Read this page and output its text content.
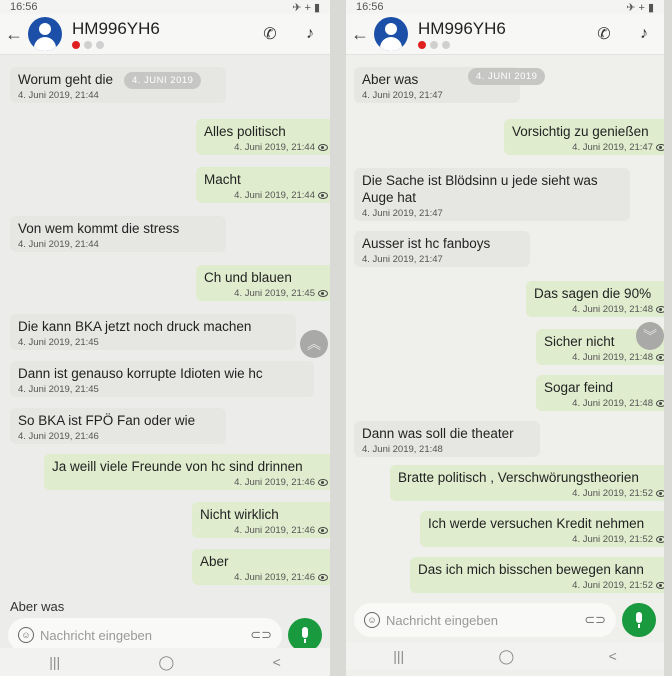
16:56	✈ + ▮
←	HM996YH6	✆	♪
Worum geht die
4. Juni 2019, 21:44
Alles politisch
4. Juni 2019, 21:44
Macht
4. Juni 2019, 21:44
Von wem kommt die stress
4. Juni 2019, 21:44
Ch und blauen
4. Juni 2019, 21:45
Die kann BKA jetzt noch druck machen
4. Juni 2019, 21:45
Dann ist genauso korrupte Idioten wie hc
4. Juni 2019, 21:45
So BKA ist FPÖ Fan oder wie
4. Juni 2019, 21:46
Ja weill viele Freunde von hc sind drinnen
4. Juni 2019, 21:46
Nicht wirklich
4. Juni 2019, 21:46
Aber
4. Juni 2019, 21:46
4. JUNI 2019
︽
Aber was
☺ Nachricht eingeben	⊂⊃
|||	◯	<
16:56	✈ + ▮
←	HM996YH6	✆	♪
Aber was
4. Juni 2019, 21:47
Vorsichtig zu genießen
4. Juni 2019, 21:47
Die Sache ist Blödsinn u jede sieht was Auge hat
4. Juni 2019, 21:47
Ausser ist hc fanboys
4. Juni 2019, 21:47
Das sagen die 90%
4. Juni 2019, 21:48
Sicher nicht
4. Juni 2019, 21:48
Sogar feind
4. Juni 2019, 21:48
Dann was soll die theater
4. Juni 2019, 21:48
Bratte politisch , Verschwörungstheorien
4. Juni 2019, 21:52
Ich werde versuchen Kredit nehmen
4. Juni 2019, 21:52
Das ich mich bisschen bewegen kann
4. Juni 2019, 21:52
4. JUNI 2019
︾
☺ Nachricht eingeben	⊂⊃
|||	◯	<
